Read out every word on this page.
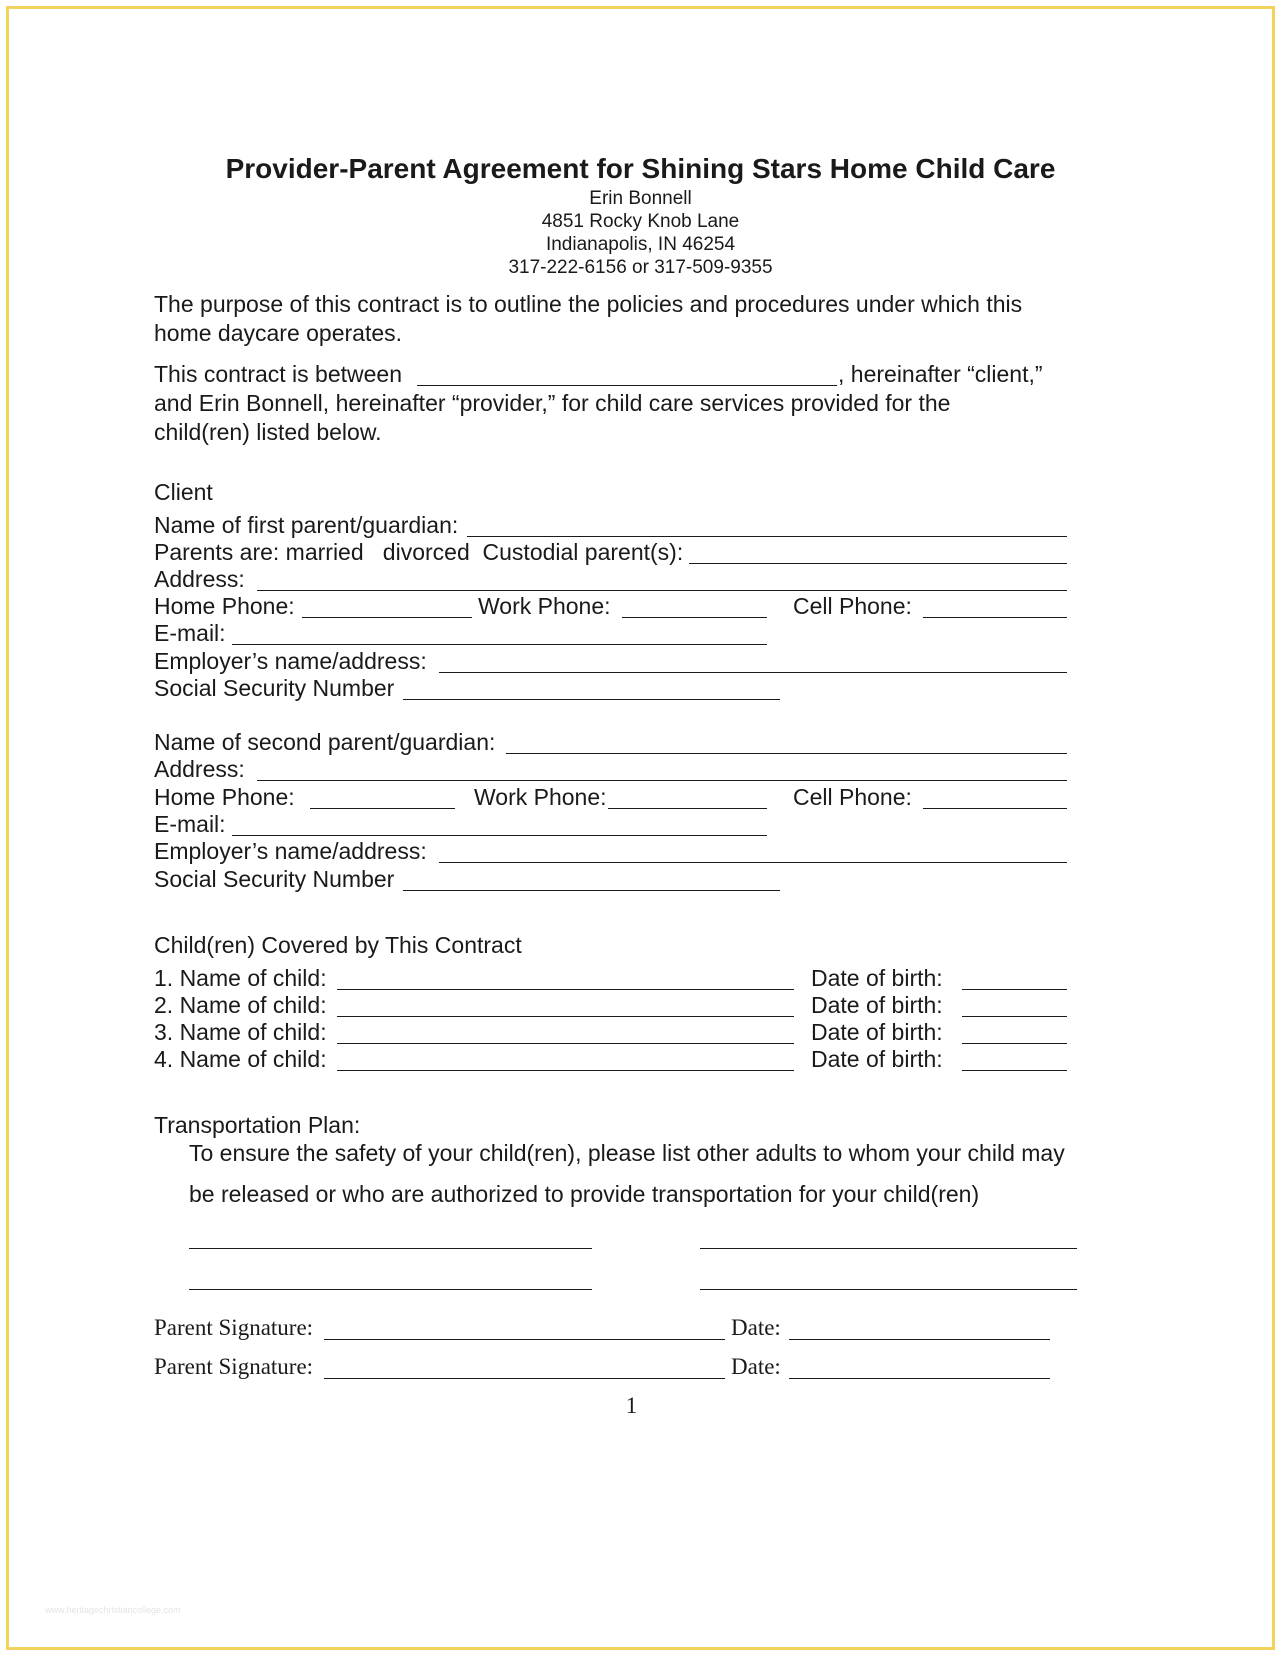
Provider-Parent Agreement for Shining Stars Home Child Care
Erin Bonnell
4851 Rocky Knob Lane
Indianapolis, IN 46254
317-222-6156 or 317-509-9355
The purpose of this contract is to outline the policies and procedures under which this home daycare operates.
This contract is between	, hereinafter “client,”
and Erin Bonnell, hereinafter “provider,” for child care services provided for the child(ren) listed below.
Client
Name of first parent/guardian:
Parents are: married   divorced  Custodial parent(s):
Address:
Home Phone:	Work Phone:	Cell Phone:
E-mail:
Employer’s name/address:
Social Security Number
Name of second parent/guardian:
Address:
Home Phone:	Work Phone:	Cell Phone:
E-mail:
Employer’s name/address:
Social Security Number
Child(ren) Covered by This Contract
1. Name of child:	Date of birth:
2. Name of child:	Date of birth:
3. Name of child:	Date of birth:
4. Name of child:	Date of birth:
Transportation Plan:
To ensure the safety of your child(ren), please list other adults to whom your child may
be released or who are authorized to provide transportation for your child(ren)
Parent Signature:	Date:
Parent Signature:	Date:
1
www.heritagechristiancollege.com
